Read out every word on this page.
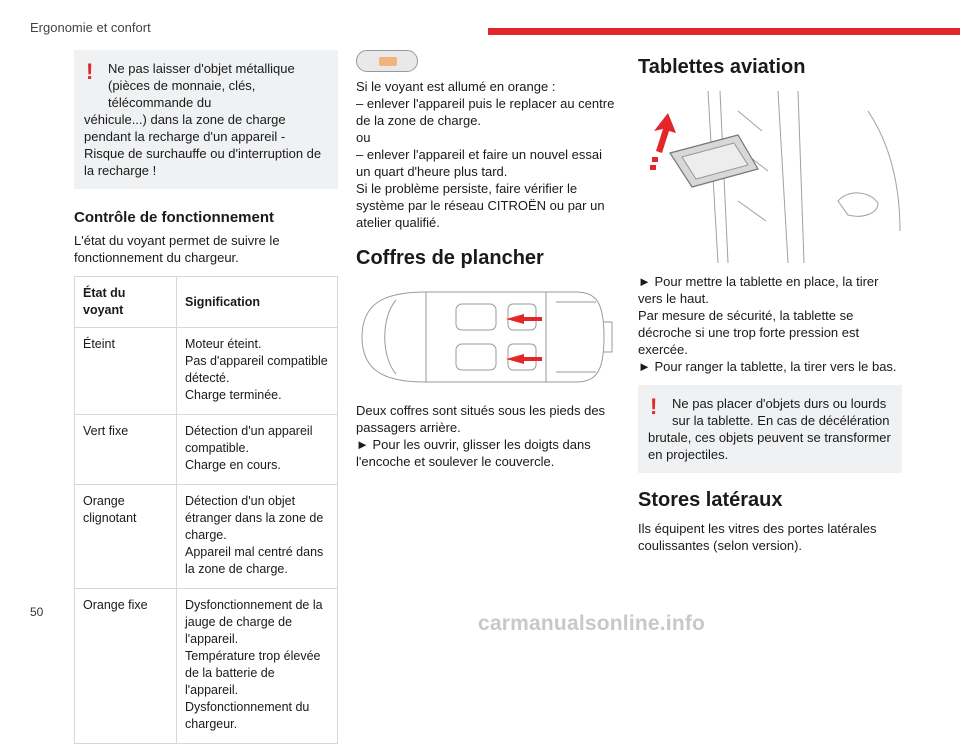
Ergonomie et confort
!	Ne pas laisser d'objet métallique (pièces de monnaie, clés, télécommande du
véhicule...) dans la zone de charge pendant la recharge d'un appareil - Risque de surchauffe ou d'interruption de la recharge !
Contrôle de fonctionnement

L'état du voyant permet de suivre le fonctionnement du chargeur.

État du voyant	Signification
Éteint	Moteur éteint.
Pas d'appareil compatible détecté.
Charge terminée.

Vert fixe	Détection d'un appareil compatible.
Charge en cours.

Orange clignotant	Détection d'un objet étranger dans la zone de charge.
Appareil mal centré dans la zone de charge.

Orange fixe	Dysfonctionnement de la jauge de charge de l'appareil.
Température trop élevée de la batterie de l'appareil.
Dysfonctionnement du chargeur.

Si le voyant est allumé en orange :

– enlever l'appareil puis le replacer au centre de la zone de charge.

ou

– enlever l'appareil et faire un nouvel essai un quart d'heure plus tard.

Si le problème persiste, faire vérifier le système par le réseau CITROËN ou par un atelier qualifié.

Coffres de plancher

Deux coffres sont situés sous les pieds des passagers arrière.

► Pour les ouvrir, glisser les doigts dans l'encoche et soulever le couvercle.

Tablettes aviation

► Pour mettre la tablette en place, la tirer vers le haut.

Par mesure de sécurité, la tablette se décroche si une trop forte pression est exercée.

► Pour ranger la tablette, la tirer vers le bas.

!	Ne pas placer d'objets durs ou lourds sur la tablette. En cas de décélération
brutale, ces objets peuvent se transformer en projectiles.
Stores latéraux

Ils équipent les vitres des portes latérales coulissantes (selon version).

50	carmanualsonline.info
